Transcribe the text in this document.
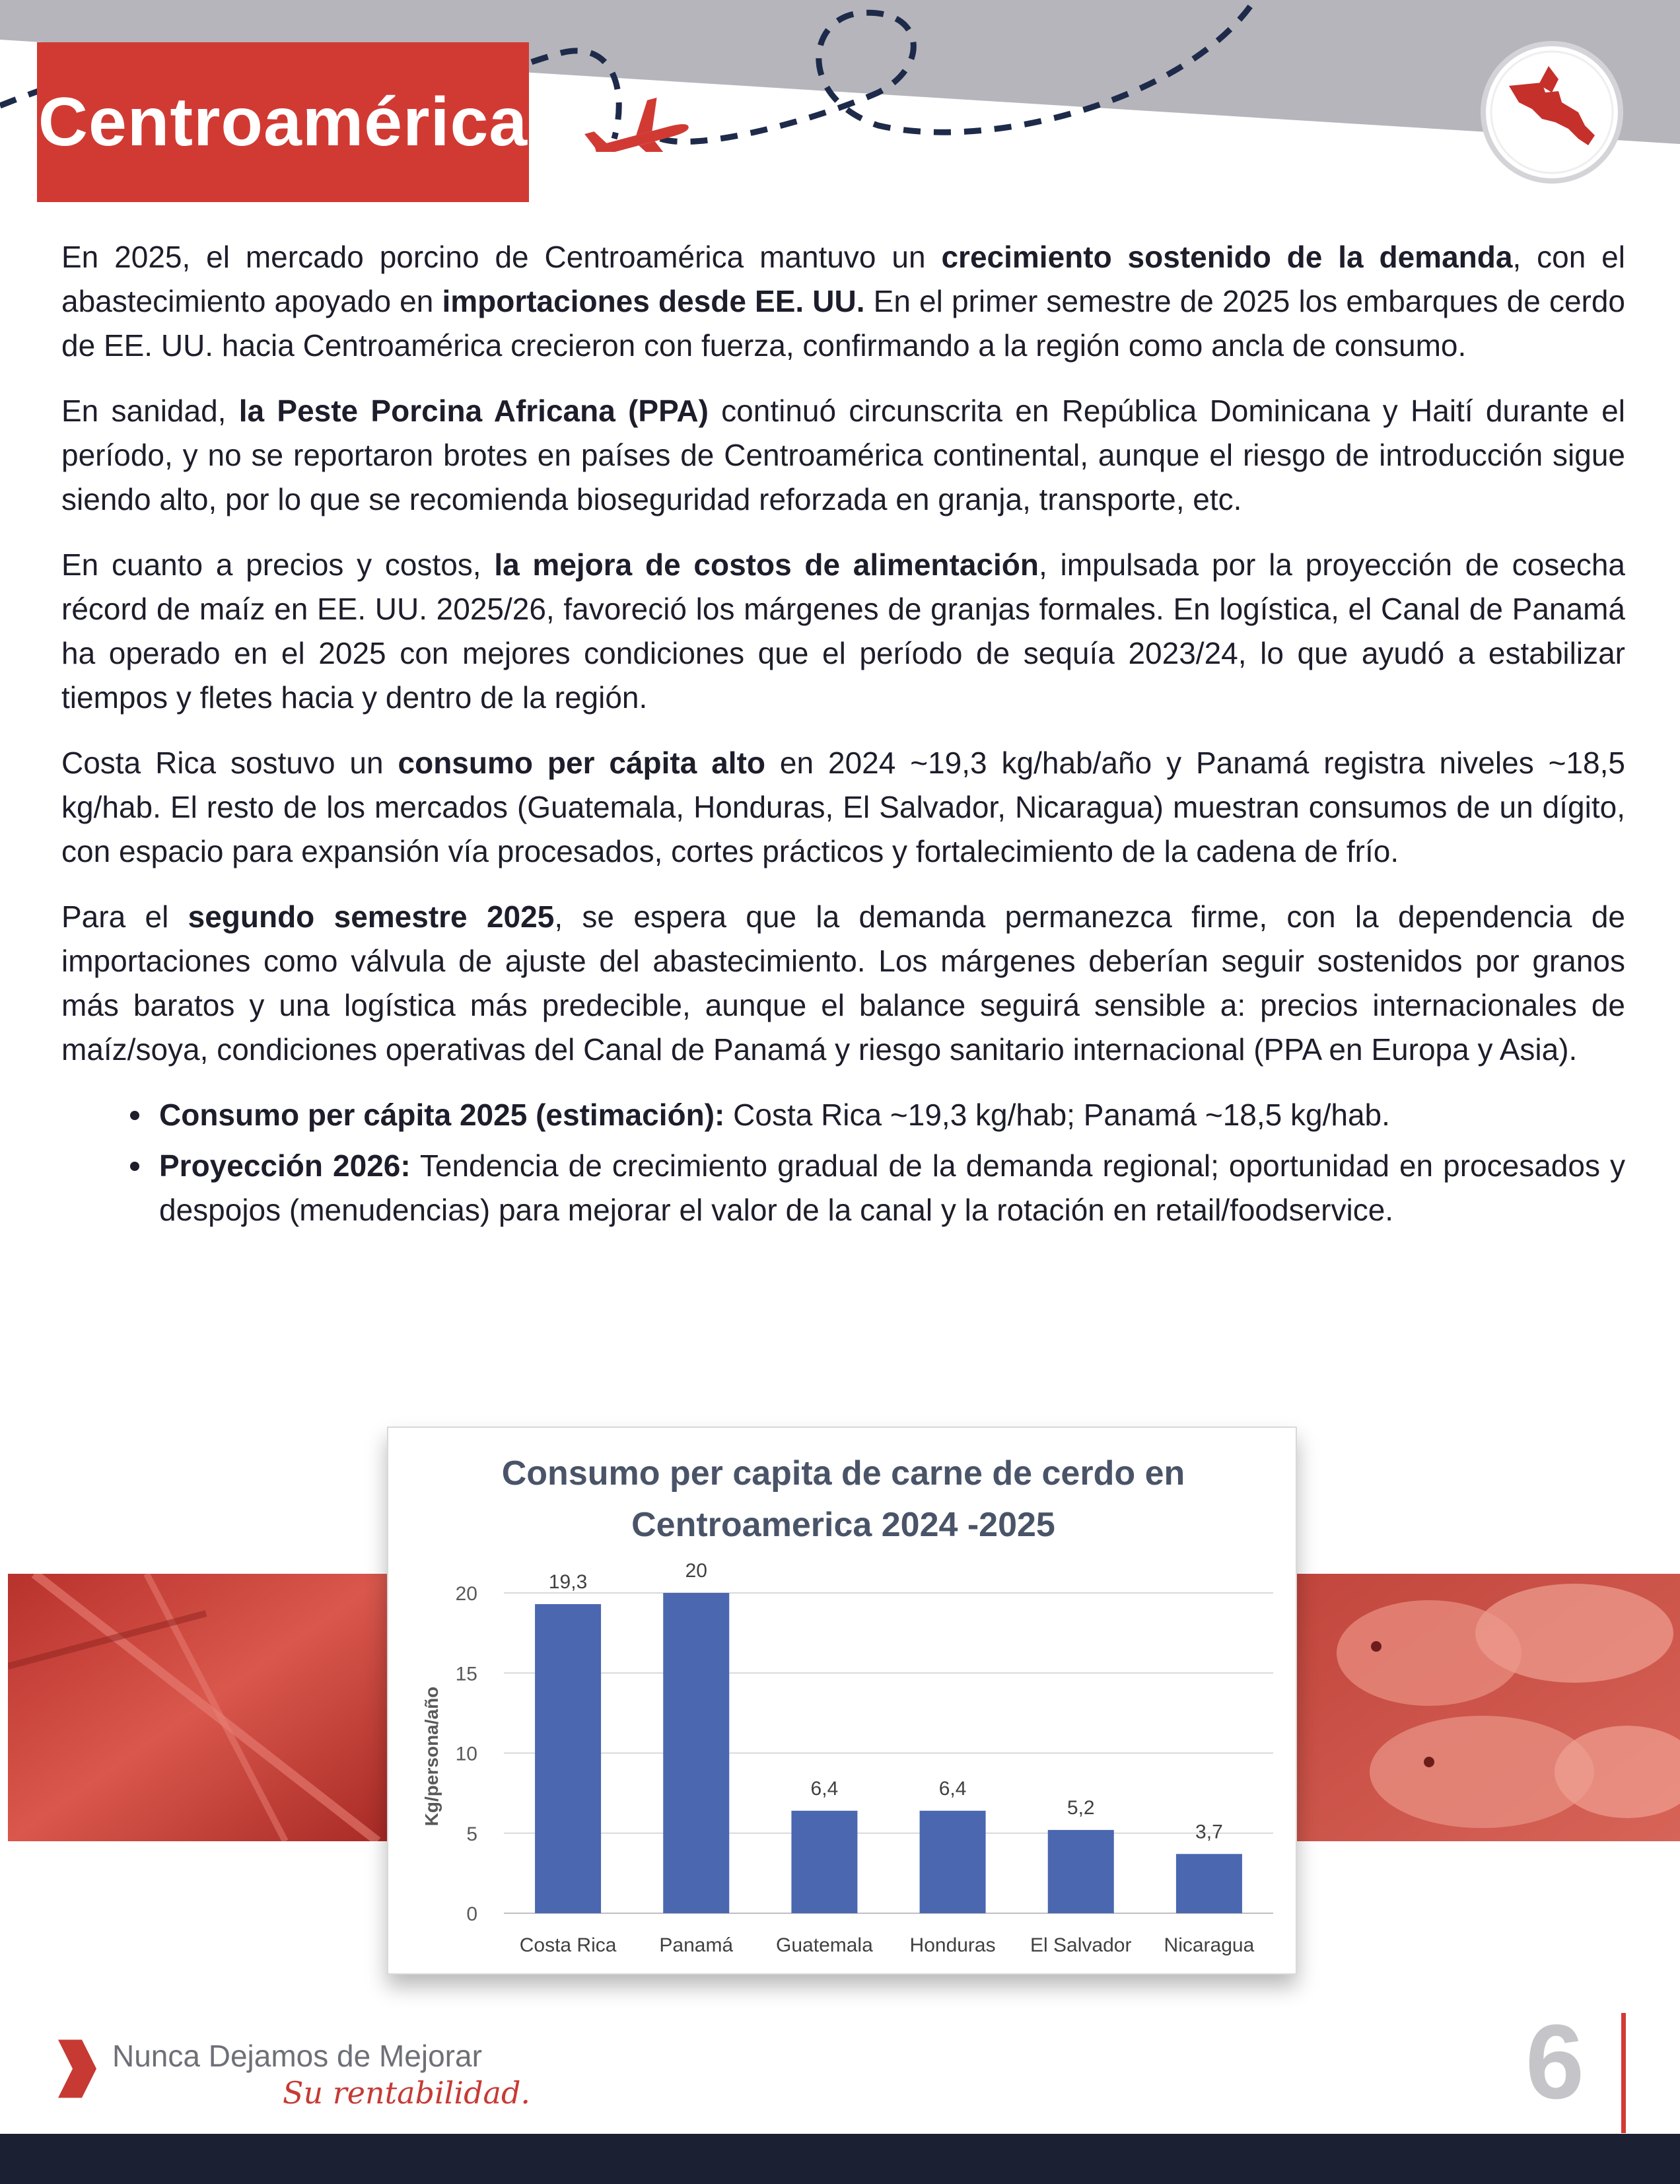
Centroamérica

En 2025, el mercado porcino de Centroamérica mantuvo un crecimiento sostenido de la demanda, con el abastecimiento apoyado en importaciones desde EE. UU. En el primer semestre de 2025 los embarques de cerdo de EE. UU. hacia Centroamérica crecieron con fuerza, confirmando a la región como ancla de consumo.

En sanidad, la Peste Porcina Africana (PPA) continuó circunscrita en República Dominicana y Haití durante el período, y no se reportaron brotes en países de Centroamérica continental, aunque el riesgo de introducción sigue siendo alto, por lo que se recomienda bioseguridad reforzada en granja, transporte, etc.

En cuanto a precios y costos, la mejora de costos de alimentación, impulsada por la proyección de cosecha récord de maíz en EE. UU. 2025/26, favoreció los márgenes de granjas formales. En logística, el Canal de Panamá ha operado en el 2025 con mejores condiciones que el período de sequía 2023/24, lo que ayudó a estabilizar tiempos y fletes hacia y dentro de la región.

Costa Rica sostuvo un consumo per cápita alto en 2024 ~19,3 kg/hab/año y Panamá registra niveles ~18,5 kg/hab. El resto de los mercados (Guatemala, Honduras, El Salvador, Nicaragua) muestran consumos de un dígito, con espacio para expansión vía procesados, cortes prácticos y fortalecimiento de la cadena de frío.

Para el segundo semestre 2025, se espera que la demanda permanezca firme, con la dependencia de importaciones como válvula de ajuste del abastecimiento. Los márgenes deberían seguir sostenidos por granos más baratos y una logística más predecible, aunque el balance seguirá sensible a: precios internacionales de maíz/soya, condiciones operativas del Canal de Panamá y riesgo sanitario internacional (PPA en Europa y Asia).

Consumo per cápita 2025 (estimación): Costa Rica ~19,3 kg/hab; Panamá ~18,5 kg/hab.
Proyección 2026: Tendencia de crecimiento gradual de la demanda regional; oportunidad en procesados y despojos (menudencias) para mejorar el valor de la canal y la rotación en retail/foodservice.
Consumo per capita de carne de cerdo en
Centroamerica 2024 -2025
0
5
10
15
20
Kg/persona/año
19,3
Costa Rica
20
Panamá
6,4
Guatemala
6,4
Honduras
5,2
El Salvador
3,7
Nicaragua
Nunca Dejamos de Mejorar
Su rentabilidad.	6
